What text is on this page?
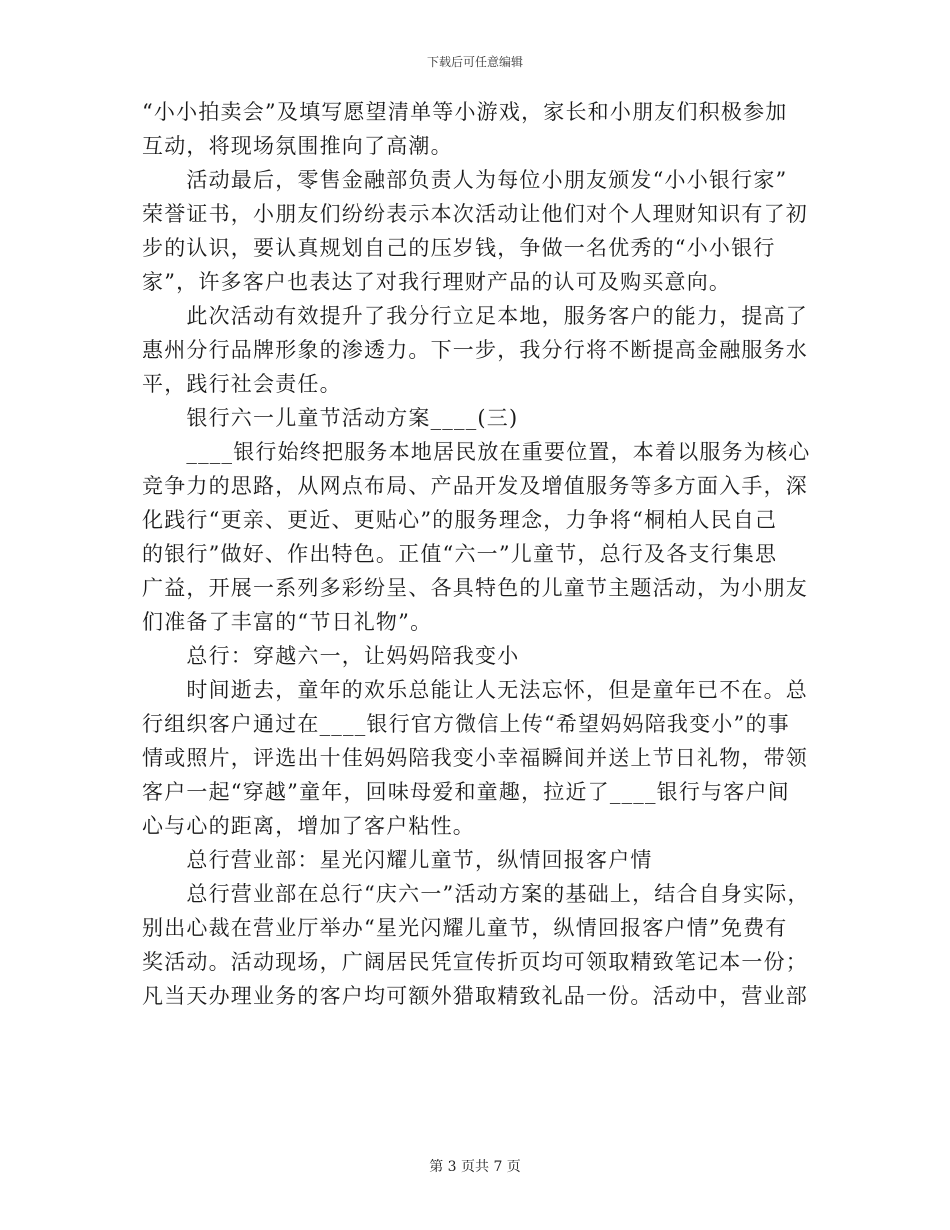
下载后可任意编辑
“小小拍卖会”及填写愿望清单等小游戏，家长和小朋友们积极参加
互动，将现场氛围推向了高潮。
　　活动最后，零售金融部负责人为每位小朋友颁发“小小银行家”
荣誉证书，小朋友们纷纷表示本次活动让他们对个人理财知识有了初
步的认识，要认真规划自己的压岁钱，争做一名优秀的“小小银行
家”，许多客户也表达了对我行理财产品的认可及购买意向。
　　此次活动有效提升了我分行立足本地，服务客户的能力，提高了
惠州分行品牌形象的渗透力。下一步，我分行将不断提高金融服务水
平，践行社会责任。
　　银行六一儿童节活动方案____(三)
　　____银行始终把服务本地居民放在重要位置，本着以服务为核心
竞争力的思路，从网点布局、产品开发及增值服务等多方面入手，深
化践行“更亲、更近、更贴心”的服务理念，力争将“桐柏人民自己
的银行”做好、作出特色。正值“六一”儿童节，总行及各支行集思
广益，开展一系列多彩纷呈、各具特色的儿童节主题活动，为小朋友
们准备了丰富的“节日礼物”。
　　总行：穿越六一，让妈妈陪我变小
　　时间逝去，童年的欢乐总能让人无法忘怀，但是童年已不在。总
行组织客户通过在____银行官方微信上传“希望妈妈陪我变小”的事
情或照片，评选出十佳妈妈陪我变小幸福瞬间并送上节日礼物，带领
客户一起“穿越”童年，回味母爱和童趣，拉近了____银行与客户间
心与心的距离，增加了客户粘性。
　　总行营业部：星光闪耀儿童节，纵情回报客户情
　　总行营业部在总行“庆六一”活动方案的基础上，结合自身实际，
别出心裁在营业厅举办“星光闪耀儿童节，纵情回报客户情”免费有
奖活动。活动现场，广阔居民凭宣传折页均可领取精致笔记本一份；
凡当天办理业务的客户均可额外猎取精致礼品一份。活动中，营业部
第 3 页共 7 页
